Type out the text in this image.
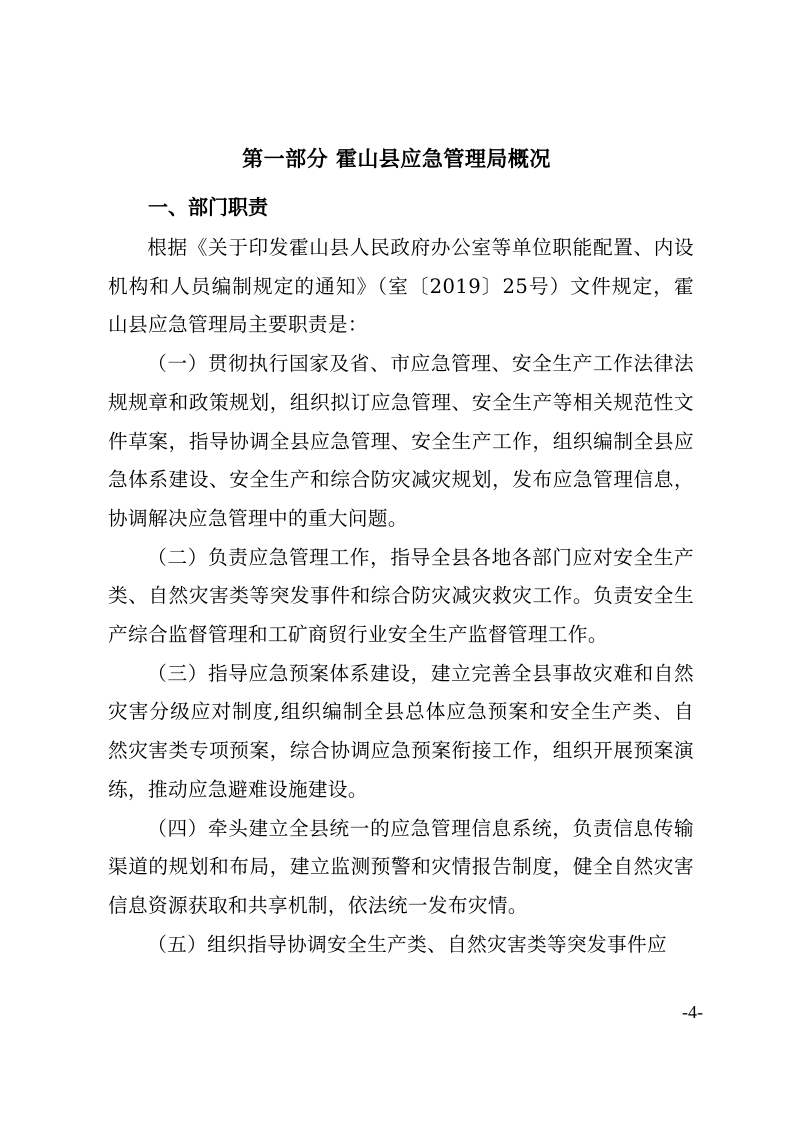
第一部分 霍山县应急管理局概况
一、部门职责

根据《关于印发霍山县人民政府办公室等单位职能配置、内设机构和人员编制规定的通知》（室〔2019〕25号）文件规定，霍山县应急管理局主要职责是：

（一）贯彻执行国家及省、市应急管理、安全生产工作法律法规规章和政策规划，组织拟订应急管理、安全生产等相关规范性文件草案，指导协调全县应急管理、安全生产工作，组织编制全县应急体系建设、安全生产和综合防灾减灾规划，发布应急管理信息，协调解决应急管理中的重大问题。

（二）负责应急管理工作，指导全县各地各部门应对安全生产类、自然灾害类等突发事件和综合防灾减灾救灾工作。负责安全生产综合监督管理和工矿商贸行业安全生产监督管理工作。

（三）指导应急预案体系建设，建立完善全县事故灾难和自然灾害分级应对制度,组织编制全县总体应急预案和安全生产类、自然灾害类专项预案，综合协调应急预案衔接工作，组织开展预案演练，推动应急避难设施建设。

（四）牵头建立全县统一的应急管理信息系统，负责信息传输渠道的规划和布局，建立监测预警和灾情报告制度，健全自然灾害信息资源获取和共享机制，依法统一发布灾情。

（五）组织指导协调安全生产类、自然灾害类等突发事件应

-4-
